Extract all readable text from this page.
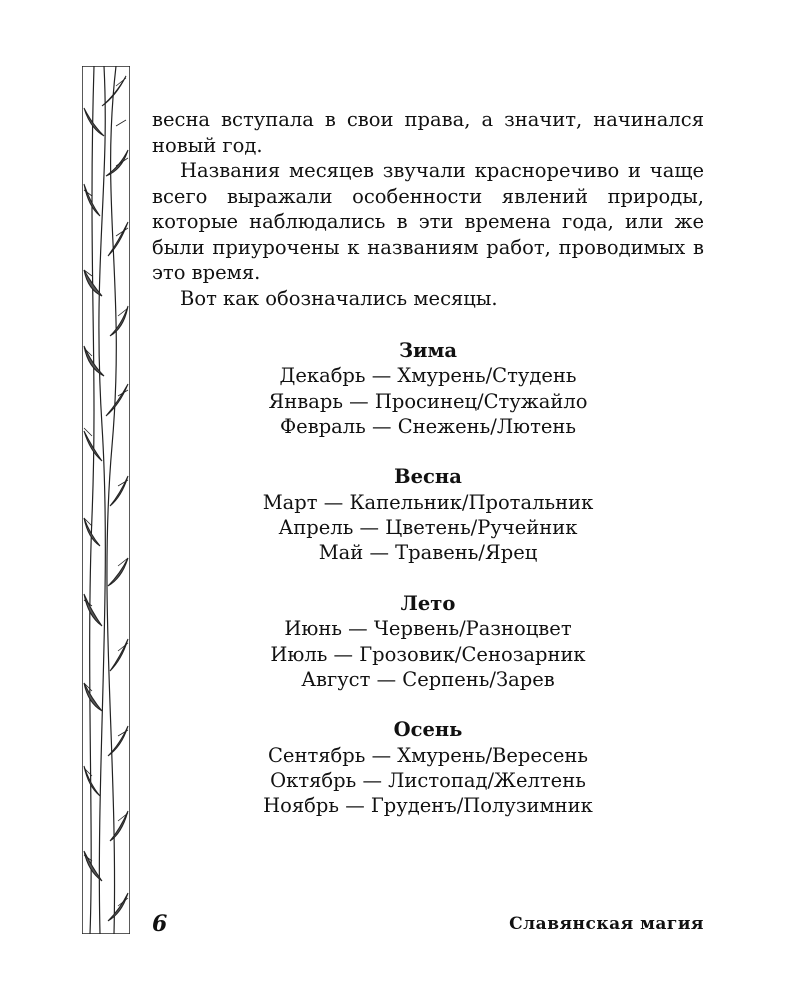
весна вступала в свои права, а значит, начинался новый год.

Названия месяцев звучали красноречиво и чаще всего выражали особенности явлений природы, которые наблюдались в эти времена года, или же были приурочены к названиям работ, проводимых в это время.

Вот как обозначались месяцы.

Зима
Декабрь — Хмурень/Студень
Январь — Просинец/Стужайло
Февраль — Снежень/Лютень
Весна
Март — Капельник/Протальник
Апрель — Цветень/Ручейник
Май — Травень/Ярец
Лето
Июнь — Червень/Разноцвет
Июль — Грозовик/Сенозарник
Август — Серпень/Зарев
Осень
Сентябрь — Хмурень/Вересень
Октябрь — Листопад/Желтень
Ноябрь — Груденъ/Полузимник
6	Славянская магия
